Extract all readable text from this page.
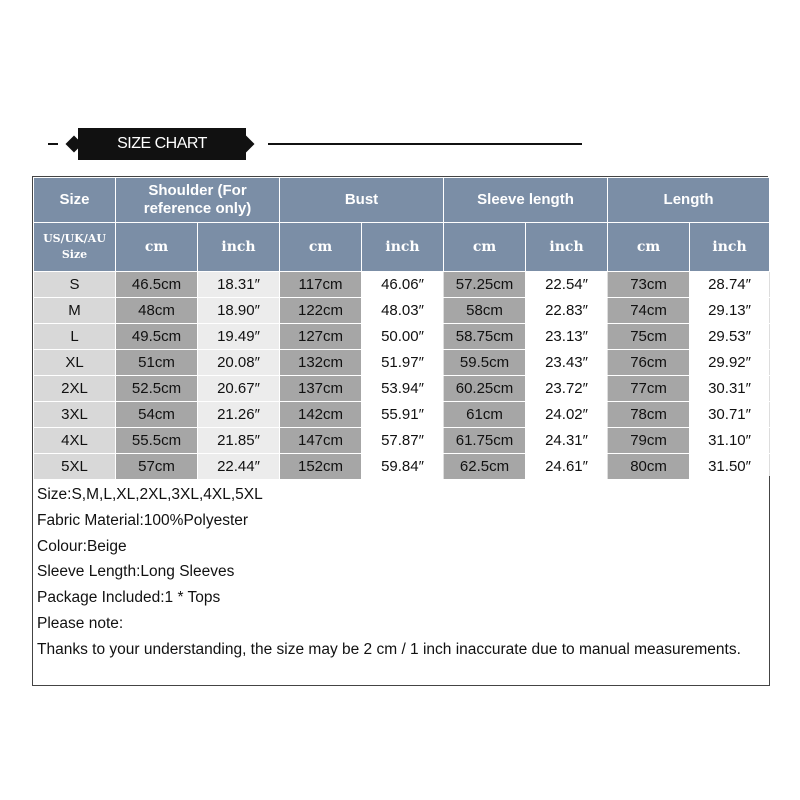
SIZE CHART
Size	Shoulder (For reference only)		Bust		Sleeve length		Length	
US/UK/AU
Size	cm	inch	cm	inch	cm	inch	cm	inch
S	46.5cm	18.31″	117cm	46.06″	57.25cm	22.54″	73cm	28.74″
M	48cm	18.90″	122cm	48.03″	58cm	22.83″	74cm	29.13″
L	49.5cm	19.49″	127cm	50.00″	58.75cm	23.13″	75cm	29.53″
XL	51cm	20.08″	132cm	51.97″	59.5cm	23.43″	76cm	29.92″
2XL	52.5cm	20.67″	137cm	53.94″	60.25cm	23.72″	77cm	30.31″
3XL	54cm	21.26″	142cm	55.91″	61cm	24.02″	78cm	30.71″
4XL	55.5cm	21.85″	147cm	57.87″	61.75cm	24.31″	79cm	31.10″
5XL	57cm	22.44″	152cm	59.84″	62.5cm	24.61″	80cm	31.50″

Size:S,M,L,XL,2XL,3XL,4XL,5XL

Fabric Material:100%Polyester

Colour:Beige

Sleeve Length:Long Sleeves

Package Included:1 * Tops

Please note:

Thanks to your understanding, the size may be 2 cm / 1 inch inaccurate due to manual measurements.
